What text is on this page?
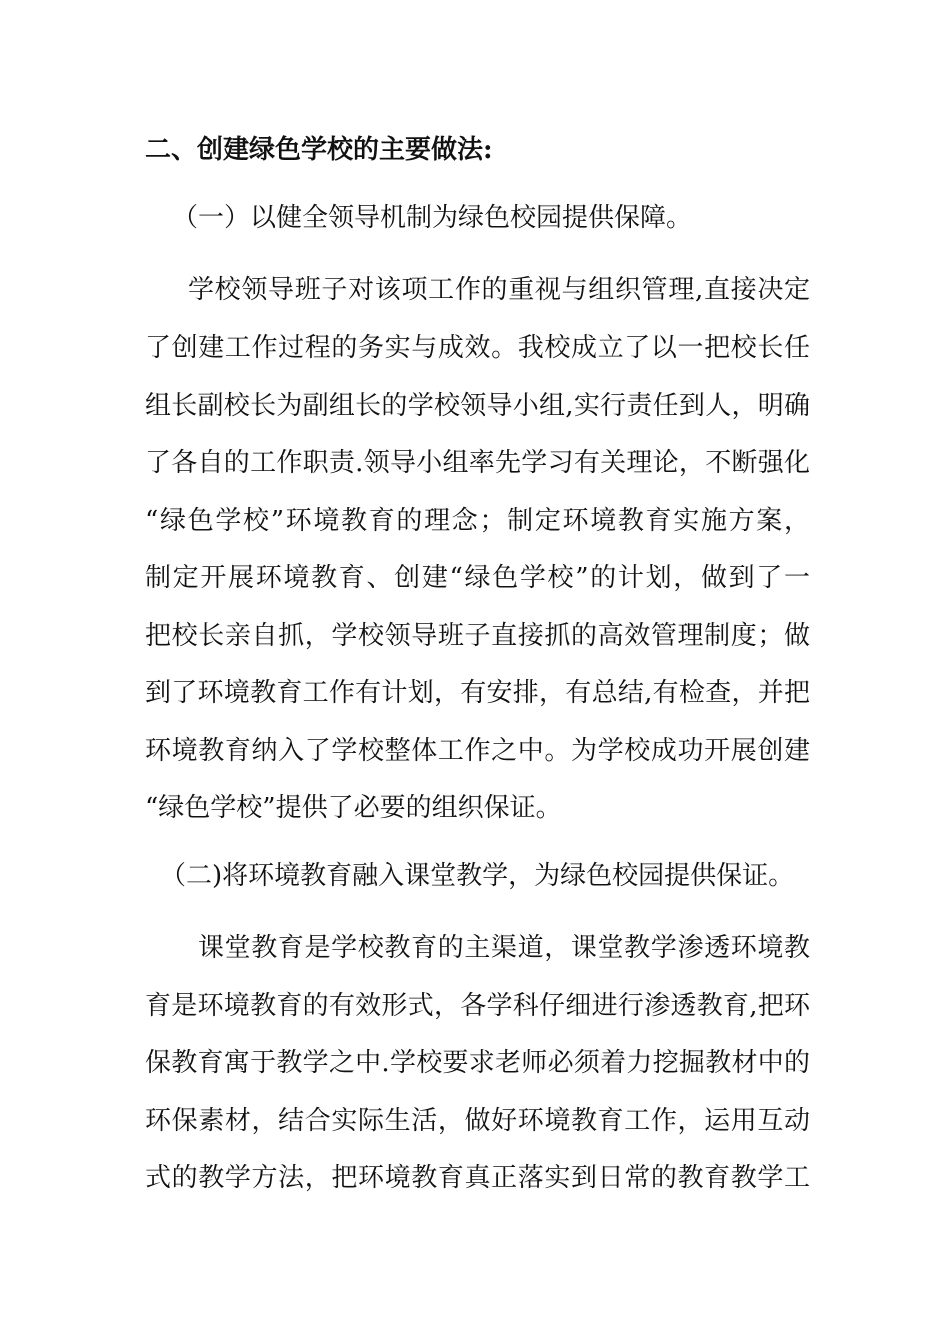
二、创建绿色学校的主要做法:
（一）以健全领导机制为绿色校园提供保障。
学校领导班子对该项工作的重视与组织管理,直接决定
了创建工作过程的务实与成效。我校成立了以一把校长任
组长副校长为副组长的学校领导小组,实行责任到人，明确
了各自的工作职责.领导小组率先学习有关理论，不断强化
“绿色学校”环境教育的理念；制定环境教育实施方案，
制定开展环境教育、创建“绿色学校”的计划，做到了一
把校长亲自抓，学校领导班子直接抓的高效管理制度；做
到了环境教育工作有计划，有安排，有总结,有检查，并把
环境教育纳入了学校整体工作之中。为学校成功开展创建
“绿色学校”提供了必要的组织保证。
（二)将环境教育融入课堂教学，为绿色校园提供保证。
课堂教育是学校教育的主渠道，课堂教学渗透环境教
育是环境教育的有效形式，各学科仔细进行渗透教育,把环
保教育寓于教学之中.学校要求老师必须着力挖掘教材中的
环保素材，结合实际生活，做好环境教育工作，运用互动
式的教学方法，把环境教育真正落实到日常的教育教学工
